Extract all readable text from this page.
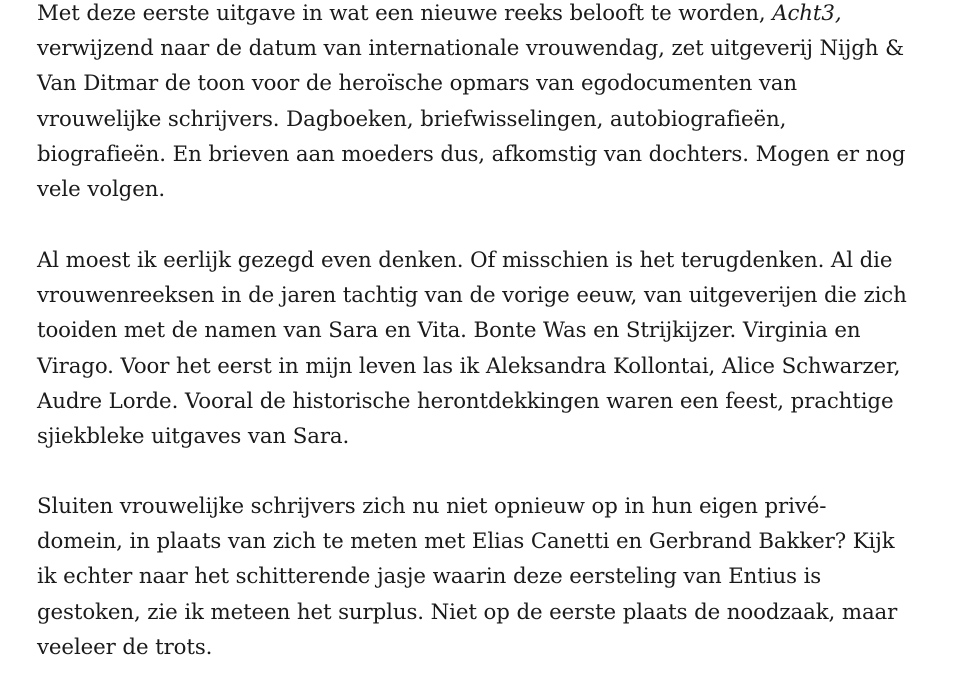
Met deze eerste uitgave in wat een nieuwe reeks belooft te worden, Acht3,
verwijzend naar de datum van internationale vrouwendag, zet uitgeverij Nijgh &
Van Ditmar de toon voor de heroïsche opmars van egodocumenten van
vrouwelijke schrijvers. Dagboeken, briefwisselingen, autobiografieën,
biografieën. En brieven aan moeders dus, afkomstig van dochters. Mogen er nog
vele volgen.

Al moest ik eerlijk gezegd even denken. Of misschien is het terugdenken. Al die
vrouwenreeksen in de jaren tachtig van de vorige eeuw, van uitgeverijen die zich
tooiden met de namen van Sara en Vita. Bonte Was en Strijkijzer. Virginia en
Virago. Voor het eerst in mijn leven las ik Aleksandra Kollontai, Alice Schwarzer,
Audre Lorde. Vooral de historische herontdekkingen waren een feest, prachtige
sjiekbleke uitgaves van Sara.

Sluiten vrouwelijke schrijvers zich nu niet opnieuw op in hun eigen privé-
domein, in plaats van zich te meten met Elias Canetti en Gerbrand Bakker? Kijk
ik echter naar het schitterende jasje waarin deze eersteling van Entius is
gestoken, zie ik meteen het surplus. Niet op de eerste plaats de noodzaak, maar
veeleer de trots.
